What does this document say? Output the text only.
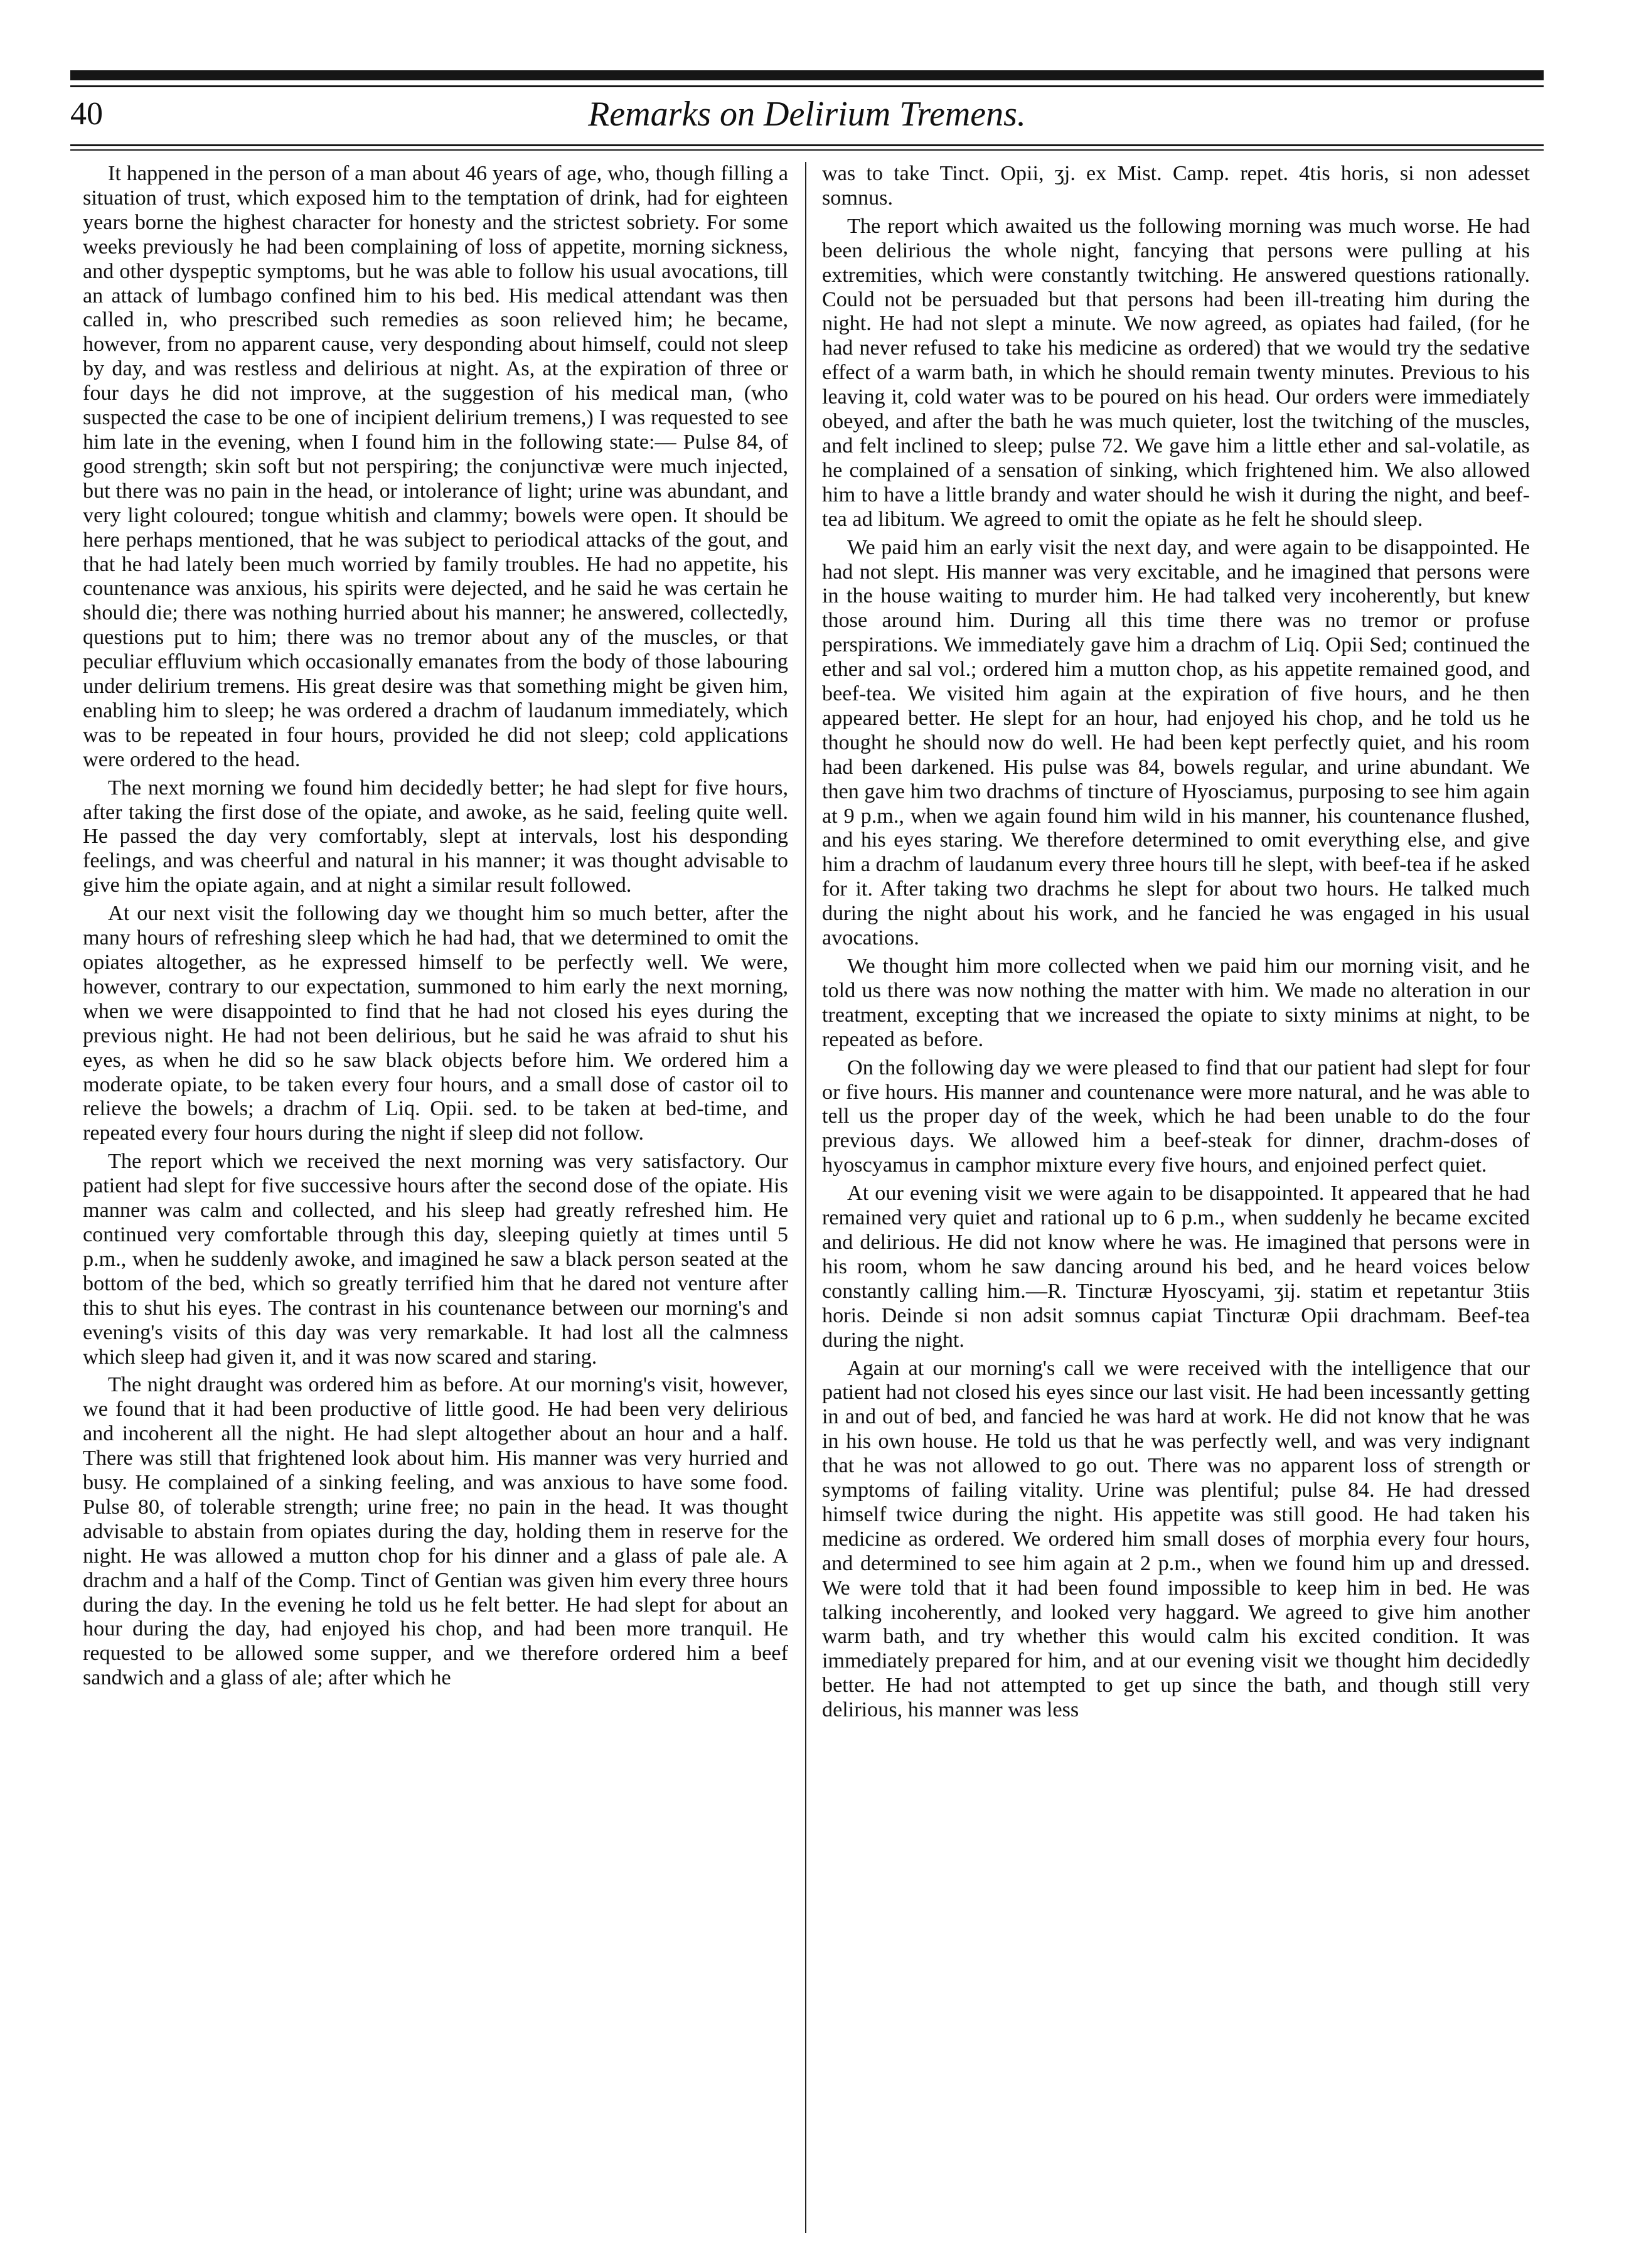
40	Remarks on Delirium Tremens.

It happened in the person of a man about 46 years of age, who, though filling a situation of trust, which exposed him to the temptation of drink, had for eighteen years borne the highest character for honesty and the strictest sobriety. For some weeks previously he had been complaining of loss of appetite, morning sickness, and other dyspeptic symptoms, but he was able to follow his usual avocations, till an attack of lumbago confined him to his bed. His medical attendant was then called in, who prescribed such remedies as soon relieved him; he became, however, from no apparent cause, very desponding about himself, could not sleep by day, and was restless and delirious at night. As, at the expiration of three or four days he did not improve, at the suggestion of his medical man, (who suspected the case to be one of incipient delirium tremens,) I was requested to see him late in the evening, when I found him in the following state:— Pulse 84, of good strength; skin soft but not perspiring; the conjunctivæ were much injected, but there was no pain in the head, or intolerance of light; urine was abundant, and very light coloured; tongue whitish and clammy; bowels were open. It should be here perhaps mentioned, that he was subject to periodical attacks of the gout, and that he had lately been much worried by family troubles. He had no appetite, his countenance was anxious, his spirits were dejected, and he said he was certain he should die; there was nothing hurried about his manner; he answered, collectedly, questions put to him; there was no tremor about any of the muscles, or that peculiar effluvium which occasionally emanates from the body of those labouring under delirium tremens. His great desire was that something might be given him, enabling him to sleep; he was ordered a drachm of laudanum immediately, which was to be repeated in four hours, provided he did not sleep; cold applications were ordered to the head.

The next morning we found him decidedly better; he had slept for five hours, after taking the first dose of the opiate, and awoke, as he said, feeling quite well. He passed the day very comfortably, slept at intervals, lost his desponding feelings, and was cheerful and natural in his manner; it was thought advisable to give him the opiate again, and at night a similar result followed.

At our next visit the following day we thought him so much better, after the many hours of refreshing sleep which he had had, that we determined to omit the opiates altogether, as he expressed himself to be perfectly well. We were, however, contrary to our expectation, summoned to him early the next morning, when we were disappointed to find that he had not closed his eyes during the previous night. He had not been delirious, but he said he was afraid to shut his eyes, as when he did so he saw black objects before him. We ordered him a moderate opiate, to be taken every four hours, and a small dose of castor oil to relieve the bowels; a drachm of Liq. Opii. sed. to be taken at bed-time, and repeated every four hours during the night if sleep did not follow.

The report which we received the next morning was very satisfactory. Our patient had slept for five successive hours after the second dose of the opiate. His manner was calm and collected, and his sleep had greatly refreshed him. He continued very comfortable through this day, sleeping quietly at times until 5 p.m., when he suddenly awoke, and imagined he saw a black person seated at the bottom of the bed, which so greatly terrified him that he dared not venture after this to shut his eyes. The contrast in his countenance between our morning's and evening's visits of this day was very remarkable. It had lost all the calmness which sleep had given it, and it was now scared and staring.

The night draught was ordered him as before. At our morning's visit, however, we found that it had been productive of little good. He had been very delirious and incoherent all the night. He had slept altogether about an hour and a half. There was still that frightened look about him. His manner was very hurried and busy. He complained of a sinking feeling, and was anxious to have some food. Pulse 80, of tolerable strength; urine free; no pain in the head. It was thought advisable to abstain from opiates during the day, holding them in reserve for the night. He was allowed a mutton chop for his dinner and a glass of pale ale. A drachm and a half of the Comp. Tinct of Gentian was given him every three hours during the day. In the evening he told us he felt better. He had slept for about an hour during the day, had enjoyed his chop, and had been more tranquil. He requested to be allowed some supper, and we therefore ordered him a beef sandwich and a glass of ale; after which he

was to take Tinct. Opii, ʒj. ex Mist. Camp. repet. 4tis horis, si non adesset somnus.

The report which awaited us the following morning was much worse. He had been delirious the whole night, fancying that persons were pulling at his extremities, which were constantly twitching. He answered questions rationally. Could not be persuaded but that persons had been ill-treating him during the night. He had not slept a minute. We now agreed, as opiates had failed, (for he had never refused to take his medicine as ordered) that we would try the sedative effect of a warm bath, in which he should remain twenty minutes. Previous to his leaving it, cold water was to be poured on his head. Our orders were immediately obeyed, and after the bath he was much quieter, lost the twitching of the muscles, and felt inclined to sleep; pulse 72. We gave him a little ether and sal-volatile, as he complained of a sensation of sinking, which frightened him. We also allowed him to have a little brandy and water should he wish it during the night, and beef-tea ad libitum. We agreed to omit the opiate as he felt he should sleep.

We paid him an early visit the next day, and were again to be disappointed. He had not slept. His manner was very excitable, and he imagined that persons were in the house waiting to murder him. He had talked very incoherently, but knew those around him. During all this time there was no tremor or profuse perspirations. We immediately gave him a drachm of Liq. Opii Sed; continued the ether and sal vol.; ordered him a mutton chop, as his appetite remained good, and beef-tea. We visited him again at the expiration of five hours, and he then appeared better. He slept for an hour, had enjoyed his chop, and he told us he thought he should now do well. He had been kept perfectly quiet, and his room had been darkened. His pulse was 84, bowels regular, and urine abundant. We then gave him two drachms of tincture of Hyosciamus, purposing to see him again at 9 p.m., when we again found him wild in his manner, his countenance flushed, and his eyes staring. We therefore determined to omit everything else, and give him a drachm of laudanum every three hours till he slept, with beef-tea if he asked for it. After taking two drachms he slept for about two hours. He talked much during the night about his work, and he fancied he was engaged in his usual avocations.

We thought him more collected when we paid him our morning visit, and he told us there was now nothing the matter with him. We made no alteration in our treatment, excepting that we increased the opiate to sixty minims at night, to be repeated as before.

On the following day we were pleased to find that our patient had slept for four or five hours. His manner and countenance were more natural, and he was able to tell us the proper day of the week, which he had been unable to do the four previous days. We allowed him a beef-steak for dinner, drachm-doses of hyoscyamus in camphor mixture every five hours, and enjoined perfect quiet.

At our evening visit we were again to be disappointed. It appeared that he had remained very quiet and rational up to 6 p.m., when suddenly he became excited and delirious. He did not know where he was. He imagined that persons were in his room, whom he saw dancing around his bed, and he heard voices below constantly calling him.—R. Tincturæ Hyoscyami, ʒij. statim et repetantur 3tiis horis. Deinde si non adsit somnus capiat Tincturæ Opii drachmam. Beef-tea during the night.

Again at our morning's call we were received with the intelligence that our patient had not closed his eyes since our last visit. He had been incessantly getting in and out of bed, and fancied he was hard at work. He did not know that he was in his own house. He told us that he was perfectly well, and was very indignant that he was not allowed to go out. There was no apparent loss of strength or symptoms of failing vitality. Urine was plentiful; pulse 84. He had dressed himself twice during the night. His appetite was still good. He had taken his medicine as ordered. We ordered him small doses of morphia every four hours, and determined to see him again at 2 p.m., when we found him up and dressed. We were told that it had been found impossible to keep him in bed. He was talking incoherently, and looked very haggard. We agreed to give him another warm bath, and try whether this would calm his excited condition. It was immediately prepared for him, and at our evening visit we thought him decidedly better. He had not attempted to get up since the bath, and though still very delirious, his manner was less
